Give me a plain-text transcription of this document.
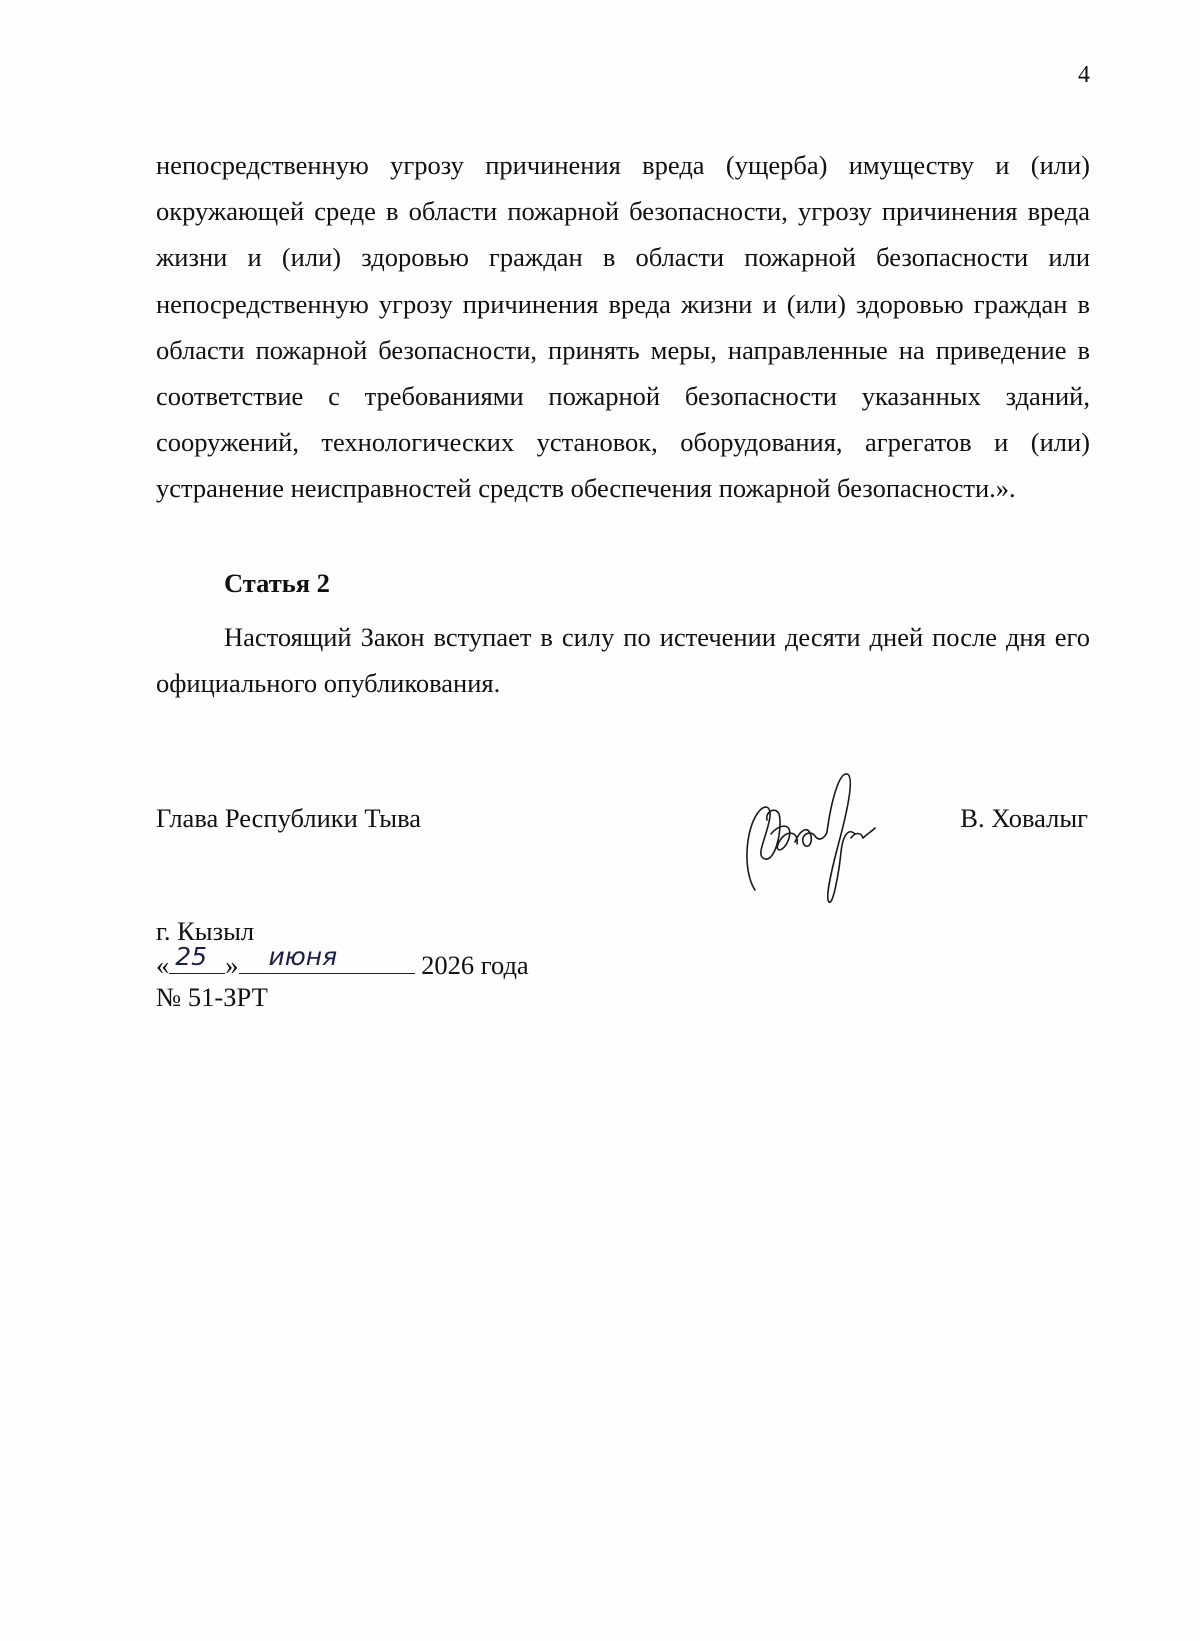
4
непосредственную угрозу причинения вреда (ущерба) имуществу и (или)
окружающей среде в области пожарной безопасности, угрозу причинения вреда
жизни и (или) здоровью граждан в области пожарной безопасности или
непосредственную угрозу причинения вреда жизни и (или) здоровью граждан в
области пожарной безопасности, принять меры, направленные на приведение в
соответствие с требованиями пожарной безопасности указанных зданий,
сооружений, технологических установок, оборудования, агрегатов и (или)
устранение неисправностей средств обеспечения пожарной безопасности.».
Статья 2
Настоящий Закон вступает в силу по истечении десяти дней после дня его
официального опубликования.
Глава Республики Тыва	В. Ховалыг
г. Кызыл
« 25 » июня	2026 года
№ 51-ЗРТ
